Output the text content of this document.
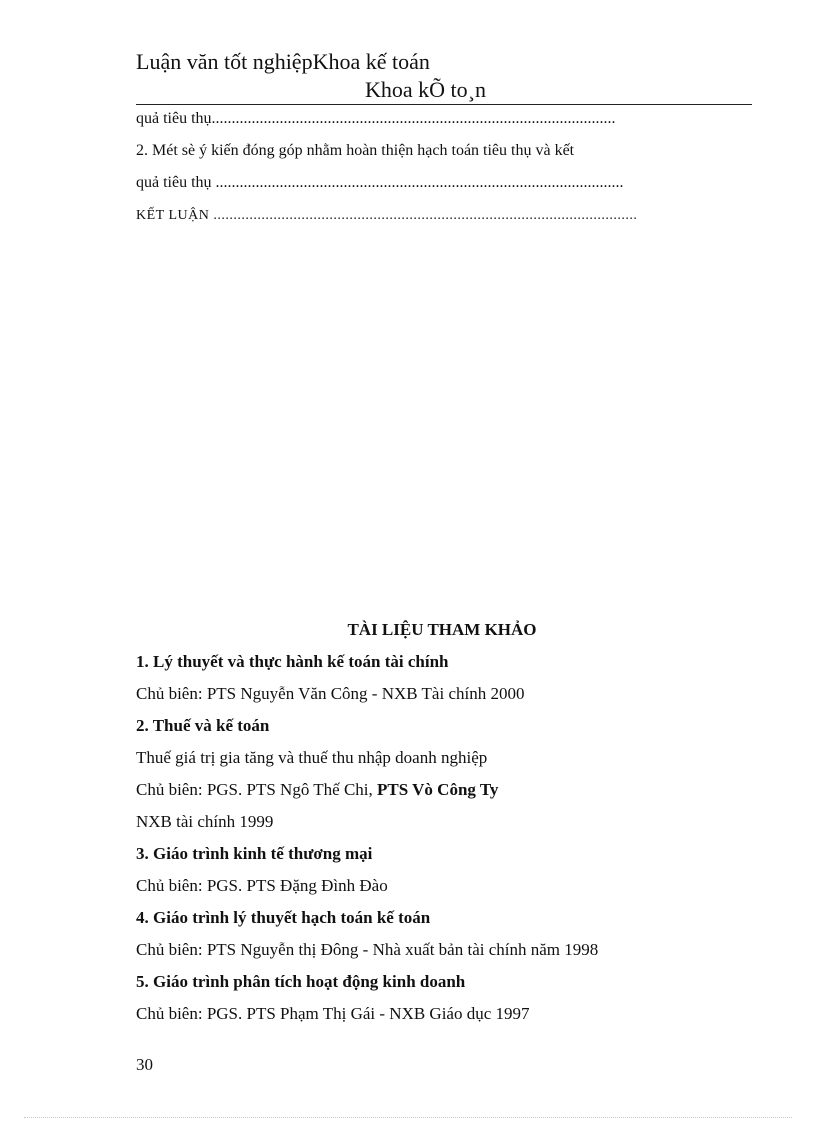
Luận văn tốt nghiệpKhoa kế toán
Khoa kÕ to¸n
quả tiêu thụ.....................................................................................................
2. Mét sè ý kiến đóng góp nhằm hoàn thiện hạch toán tiêu thụ và kết
quả tiêu thụ ......................................................................................................
KẾT LUẬN ..........................................................................................................
TÀI LIỆU THAM KHẢO
1. Lý thuyết và thực hành kế toán tài chính
Chủ biên: PTS Nguyễn Văn Công - NXB Tài chính 2000
2. Thuế và kế toán
Thuế giá trị gia tăng và thuế thu nhập doanh nghiệp
Chủ biên: PGS. PTS Ngô Thế Chi, PTS Vò Công Ty
NXB tài chính 1999
3. Giáo trình kinh tế thương mại
Chủ biên: PGS. PTS Đặng Đình Đào
4. Giáo trình lý thuyết hạch toán kế toán
Chủ biên: PTS Nguyễn thị Đông - Nhà xuất bản tài chính năm 1998
5. Giáo trình phân tích hoạt động kinh doanh
Chủ biên: PGS. PTS Phạm Thị Gái - NXB Giáo dục 1997
30
